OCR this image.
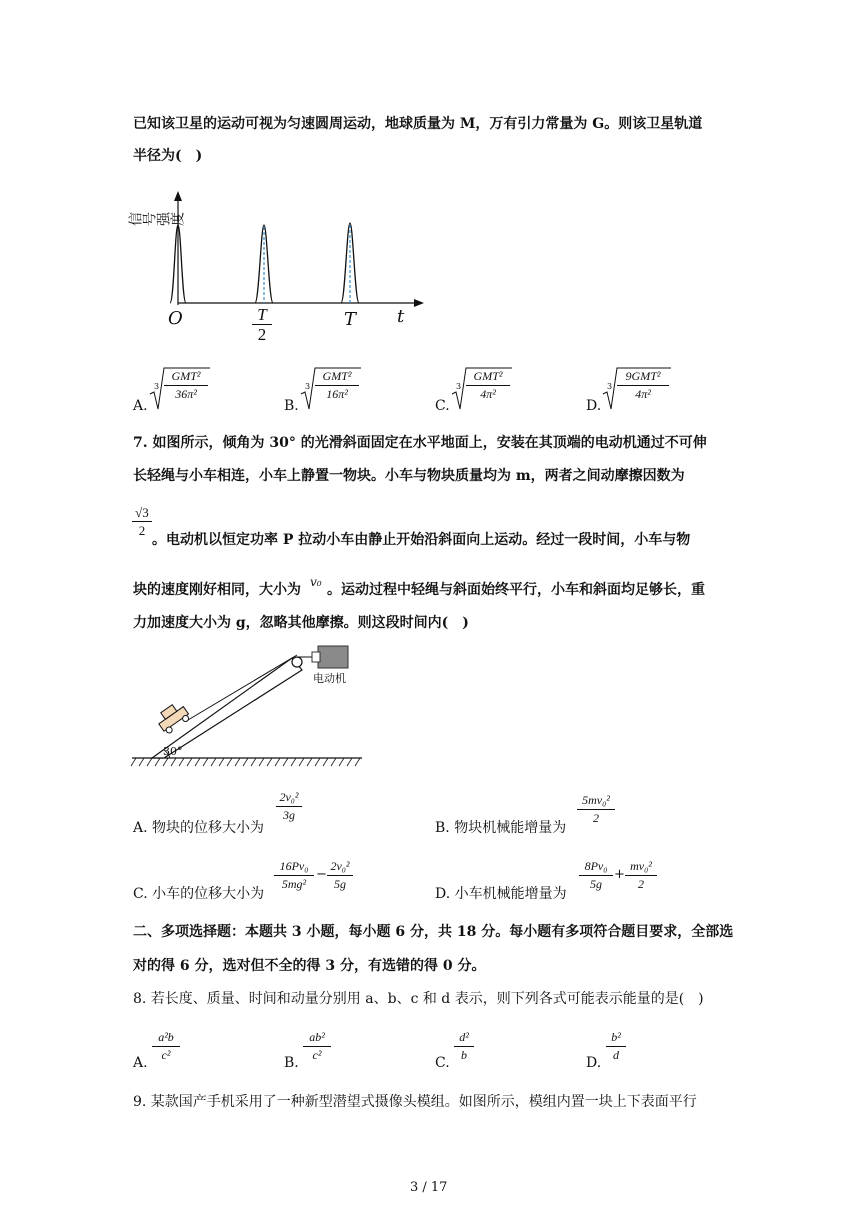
已知该卫星的运动可视为匀速圆周运动，地球质量为 M，万有引力常量为 G。则该卫星轨道
半径为(　)
信号强度
O	T
2
T t
A.
3
GMT²
36π²
B.
3
GMT²
16π²
C.
3
GMT²
4π²
D.
3
9GMT²
4π²
7. 如图所示，倾角为 30° 的光滑斜面固定在水平地面上，安装在其顶端的电动机通过不可伸
长轻绳与小车相连，小车上静置一物块。小车与物块质量均为 m，两者之间动摩擦因数为
√3
2
。电动机以恒定功率 P 拉动小车由静止开始沿斜面向上运动。经过一段时间，小车与物
块的速度刚好相同，大小为 v₀ 。运动过程中轻绳与斜面始终平行，小车和斜面均足够长，重
力加速度大小为 g，忽略其他摩擦。则这段时间内(　)
电动机
30°
A. 物块的位移大小为
2v₀²
3g
B. 物块机械能增量为
5mv₀²
2
C. 小车的位移大小为
16Pv₀
5mg²
−
2v₀²
5g
D. 小车机械能增量为
8Pv₀
5g
+
mv₀²
2
二、多项选择题：本题共 3 小题，每小题 6 分，共 18 分。每小题有多项符合题目要求，全部选
对的得 6 分，选对但不全的得 3 分，有选错的得 0 分。
8. 若长度、质量、时间和动量分别用 a、b、c 和 d 表示，则下列各式可能表示能量的是(　)
A.
a²b
c²	B.
ab²
c²	C.
d²
b	D.
b²
d
9. 某款国产手机采用了一种新型潜望式摄像头模组。如图所示，模组内置一块上下表面平行
3 / 17
